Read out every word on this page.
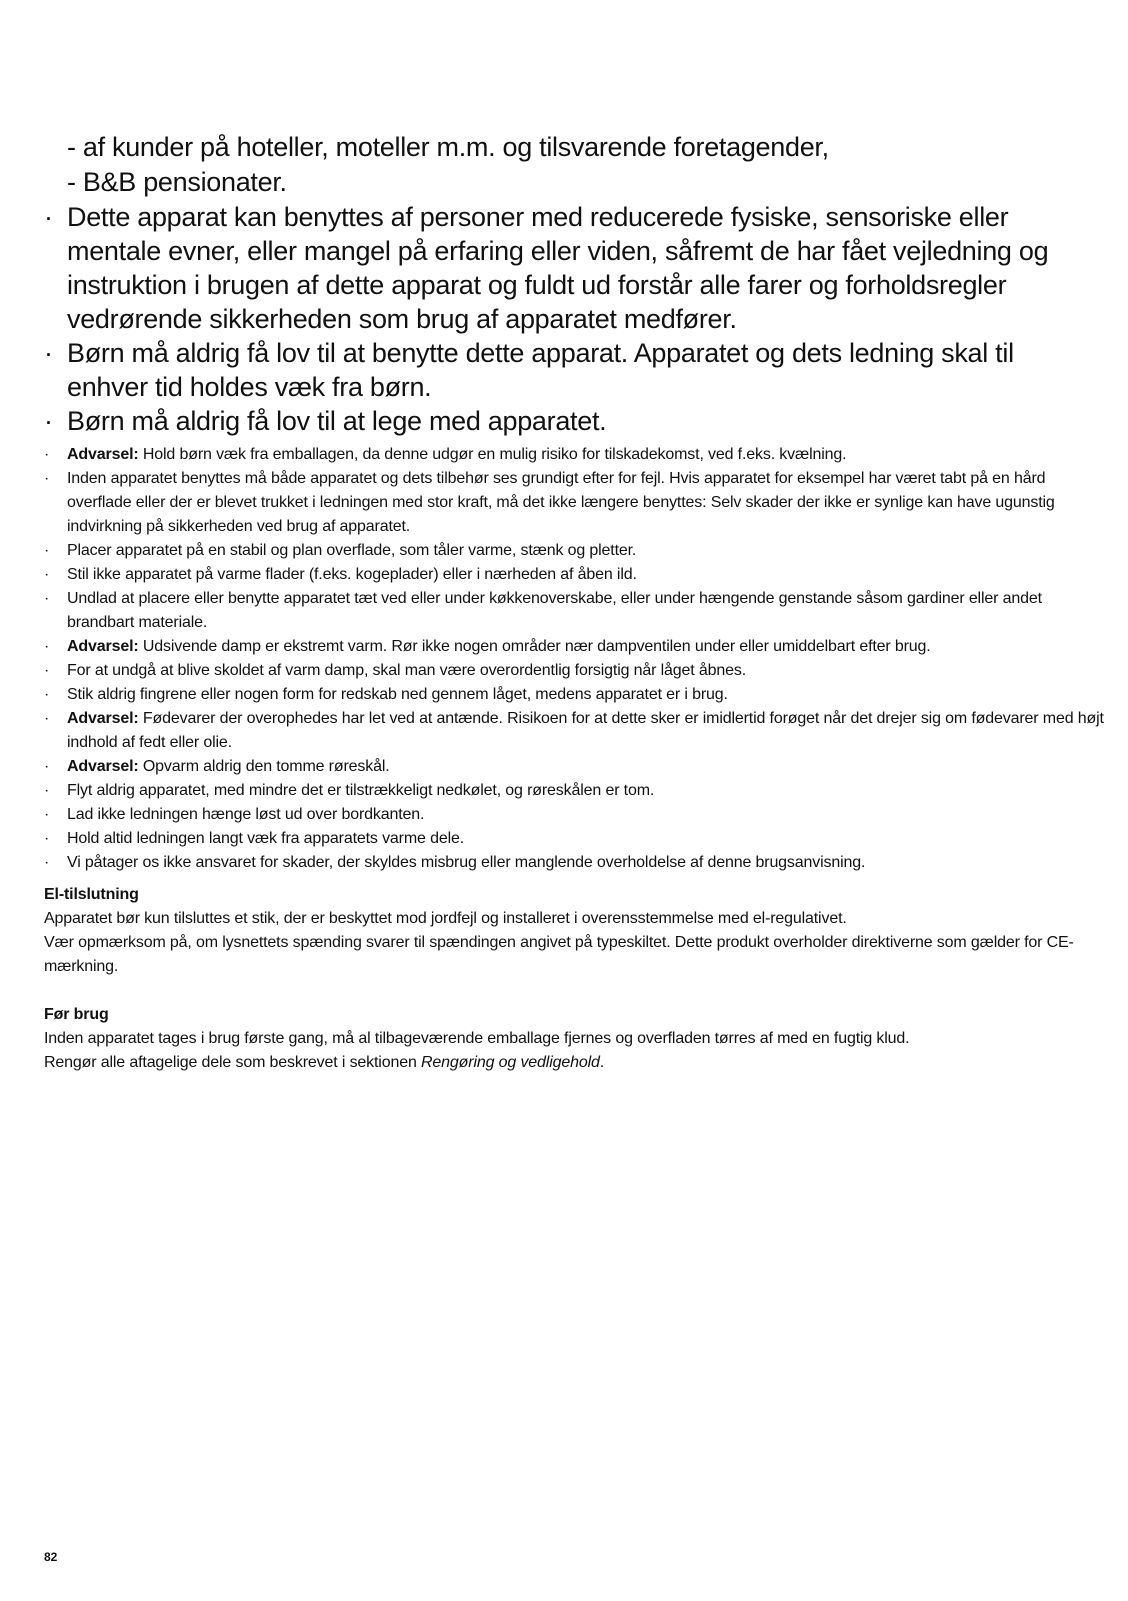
- af kunder på hoteller, moteller m.m. og tilsvarende foretagender,
- B&B pensionater.
· Dette apparat kan benyttes af personer med reducerede fysiske, sensoriske eller mentale evner, eller mangel på erfaring eller viden, såfremt de har fået vejledning og instruktion i brugen af dette apparat og fuldt ud forstår alle farer og forholdsregler vedrørende sikkerheden som brug af apparatet medfører.
· Børn må aldrig få lov til at benytte dette apparat. Apparatet og dets ledning skal til enhver tid holdes væk fra børn.
· Børn må aldrig få lov til at lege med apparatet.
·	Advarsel: Hold børn væk fra emballagen, da denne udgør en mulig risiko for tilskadekomst, ved f.eks. kvælning.
·	Inden apparatet benyttes må både apparatet og dets tilbehør ses grundigt efter for fejl. Hvis apparatet for eksempel har været tabt på en hård overflade eller der er blevet trukket i ledningen med stor kraft, må det ikke længere benyttes: Selv skader der ikke er synlige kan have ugunstig indvirkning på sikkerheden ved brug af apparatet.
·	Placer apparatet på en stabil og plan overflade, som tåler varme, stænk og pletter.
·	Stil ikke apparatet på varme flader (f.eks. kogeplader) eller i nærheden af åben ild.
·	Undlad at placere eller benytte apparatet tæt ved eller under køkkenoverskabe, eller under hængende genstande såsom gardiner eller andet brandbart materiale.
·	Advarsel: Udsivende damp er ekstremt varm. Rør ikke nogen områder nær dampventilen under eller umiddelbart efter brug.
·	For at undgå at blive skoldet af varm damp, skal man være overordentlig forsigtig når låget åbnes.
·	Stik aldrig fingrene eller nogen form for redskab ned gennem låget, medens apparatet er i brug.
·	Advarsel: Fødevarer der overophedes har let ved at antænde. Risikoen for at dette sker er imidlertid forøget når det drejer sig om fødevarer med højt indhold af fedt eller olie.
·	Advarsel: Opvarm aldrig den tomme røreskål.
·	Flyt aldrig apparatet, med mindre det er tilstrækkeligt nedkølet, og røreskålen er tom.
·	Lad ikke ledningen hænge løst ud over bordkanten.
·	Hold altid ledningen langt væk fra apparatets varme dele.
·	Vi påtager os ikke ansvaret for skader, der skyldes misbrug eller manglende overholdelse af denne brugsanvisning.
El-tilslutning

Apparatet bør kun tilsluttes et stik, der er beskyttet mod jordfejl og installeret i overensstemmelse med el-regulativet.

Vær opmærksom på, om lysnettets spænding svarer til spændingen angivet på typeskiltet. Dette produkt overholder direktiverne som gælder for CE-mærkning.

Før brug

Inden apparatet tages i brug første gang, må al tilbageværende emballage fjernes og overfladen tørres af med en fugtig klud.

Rengør alle aftagelige dele som beskrevet i sektionen Rengøring og vedligehold.

82
